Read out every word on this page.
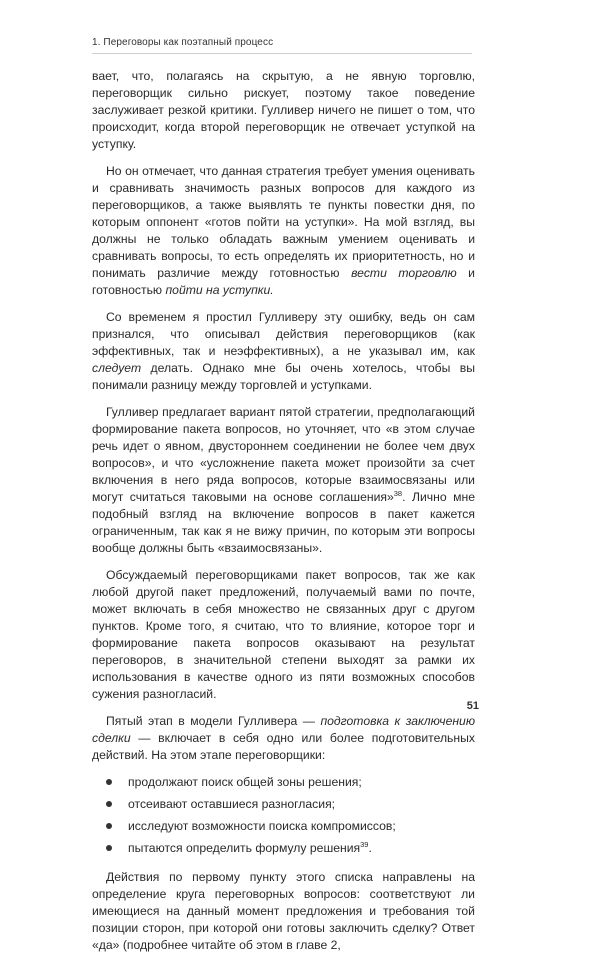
1. Переговоры как поэтапный процесс

вает, что, полагаясь на скрытую, а не явную торговлю, переговорщик сильно рискует, поэтому такое поведение заслуживает резкой критики. Гулливер ничего не пишет о том, что происходит, когда второй переговорщик не отвечает уступкой на уступку.

Но он отмечает, что данная стратегия требует умения оценивать и сравнивать значимость разных вопросов для каждого из переговорщиков, а также выявлять те пункты повестки дня, по которым оппонент «готов пойти на уступки». На мой взгляд, вы должны не только обладать важным умением оценивать и сравнивать вопросы, то есть определять их приоритетность, но и понимать различие между готовностью вести торговлю и готовностью пойти на уступки.

Со временем я простил Гулливеру эту ошибку, ведь он сам признался, что описывал действия переговорщиков (как эффективных, так и неэффективных), а не указывал им, как следует делать. Однако мне бы очень хотелось, чтобы вы понимали разницу между торговлей и уступками.

Гулливер предлагает вариант пятой стратегии, предполагающий формирование пакета вопросов, но уточняет, что «в этом случае речь идет о явном, двустороннем соединении не более чем двух вопросов», и что «усложнение пакета может произойти за счет включения в него ряда вопросов, которые взаимосвязаны или могут считаться таковыми на основе соглашения»$^{38}$. Лично мне подобный взгляд на включение вопросов в пакет кажется ограниченным, так как я не вижу причин, по которым эти вопросы вообще должны быть «взаимосвязаны».

Обсуждаемый переговорщиками пакет вопросов, так же как любой другой пакет предложений, получаемый вами по почте, может включать в себя множество не связанных друг с другом пунктов. Кроме того, я считаю, что то влияние, которое торг и формирование пакета вопросов оказывают на результат переговоров, в значительной степени выходят за рамки их использования в качестве одного из пяти возможных способов сужения разногласий.

Пятый этап в модели Гулливера — подготовка к заключению сделки — включает в себя одно или более подготовительных действий. На этом этапе переговорщики:

продолжают поиск общей зоны решения;
отсеивают оставшиеся разногласия;
исследуют возможности поиска компромиссов;
пытаются определить формулу решения$^{39}$.

Действия по первому пункту этого списка направлены на определение круга переговорных вопросов: соответствуют ли имеющиеся на данный момент предложения и требования той позиции сторон, при которой они готовы заключить сделку? Ответ «да» (подробнее читайте об этом в главе 2,

51
